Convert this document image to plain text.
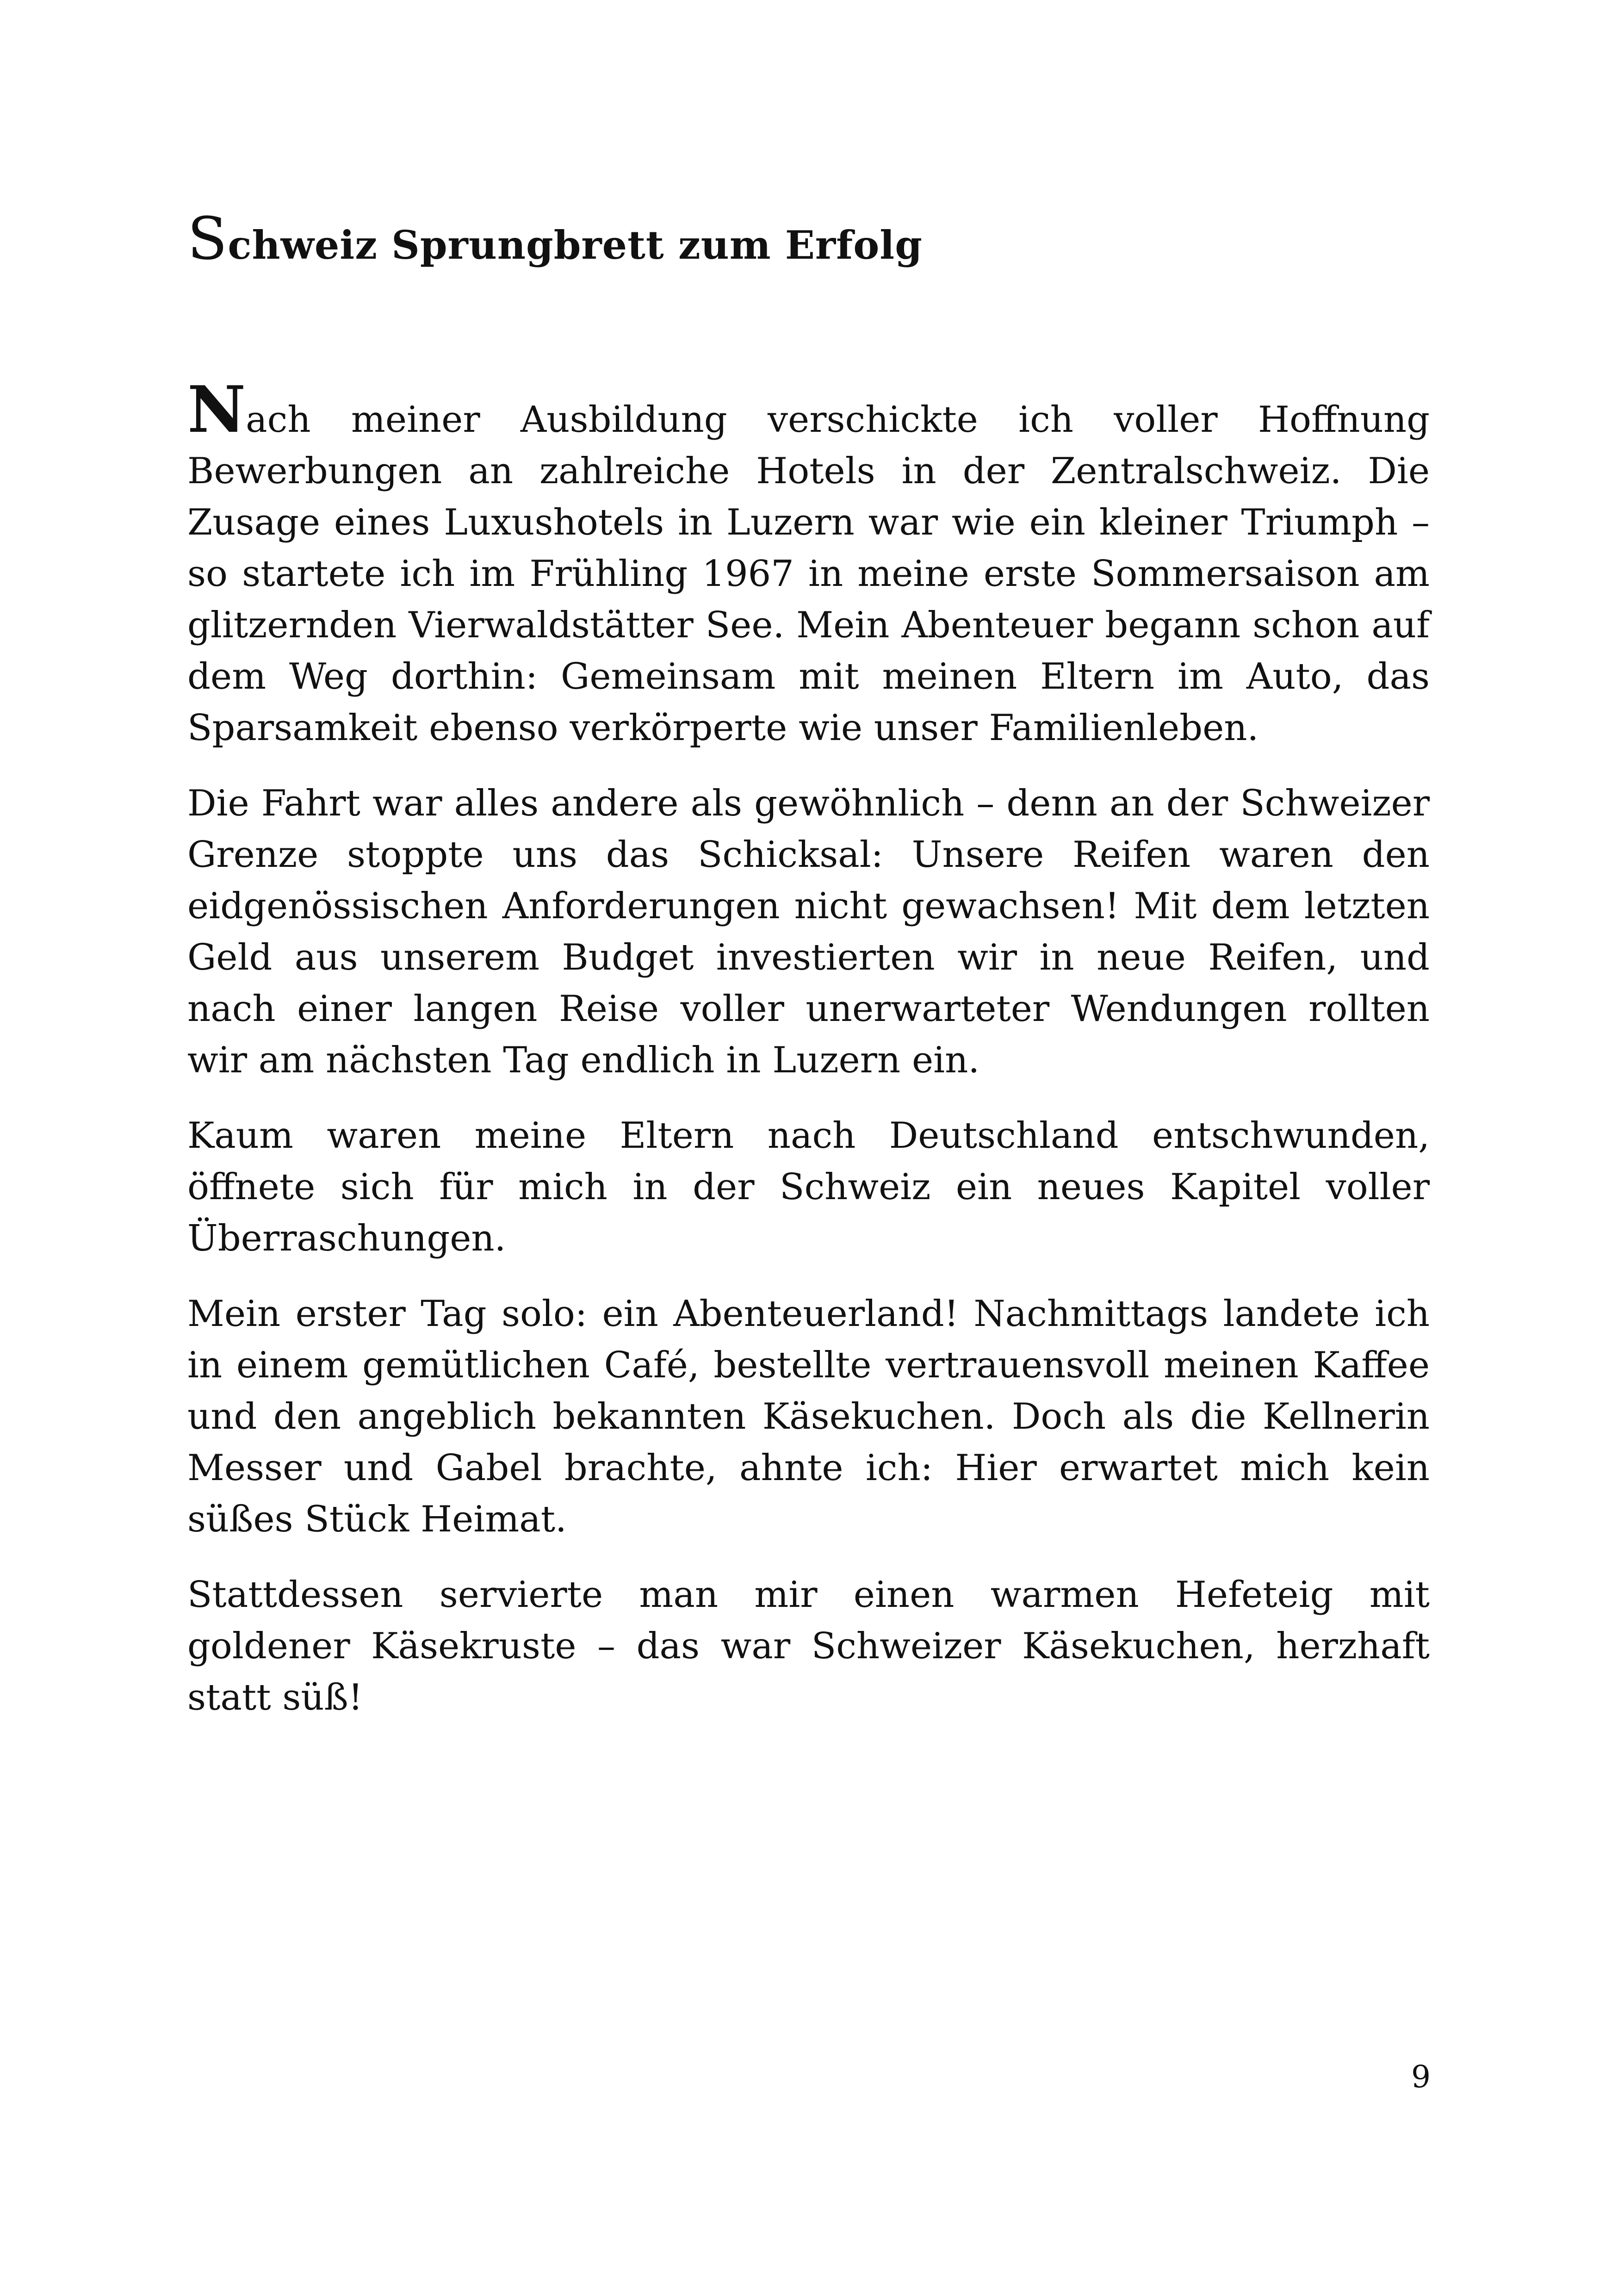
Schweiz Sprungbrett zum Erfolg

Nach meiner Ausbildung verschickte ich voller Hoffnung Bewerbungen an zahlreiche Hotels in der Zentralschweiz. Die Zusage eines Luxushotels in Luzern war wie ein kleiner Triumph – so startete ich im Frühling 1967 in meine erste Sommersaison am glitzernden Vierwaldstätter See. Mein Abenteuer begann schon auf dem Weg dorthin: Gemeinsam mit meinen Eltern im Auto, das Sparsamkeit ebenso verkörperte wie unser Familienleben.

Die Fahrt war alles andere als gewöhnlich – denn an der Schweizer Grenze stoppte uns das Schicksal: Unsere Reifen waren den eidgenössischen Anforderungen nicht gewachsen! Mit dem letzten Geld aus unserem Budget investierten wir in neue Reifen, und nach einer langen Reise voller unerwarteter Wendungen rollten wir am nächsten Tag endlich in Luzern ein.

Kaum waren meine Eltern nach Deutschland entschwunden, öffnete sich für mich in der Schweiz ein neues Kapitel voller Überraschungen.

Mein erster Tag solo: ein Abenteuerland! Nachmittags landete ich in einem gemütlichen Café, bestellte vertrauensvoll meinen Kaffee und den angeblich bekannten Käsekuchen. Doch als die Kellnerin Messer und Gabel brachte, ahnte ich: Hier erwartet mich kein süßes Stück Heimat.

Stattdessen servierte man mir einen warmen Hefeteig mit goldener Käsekruste – das war Schweizer Käsekuchen, herzhaft statt süß!

9
